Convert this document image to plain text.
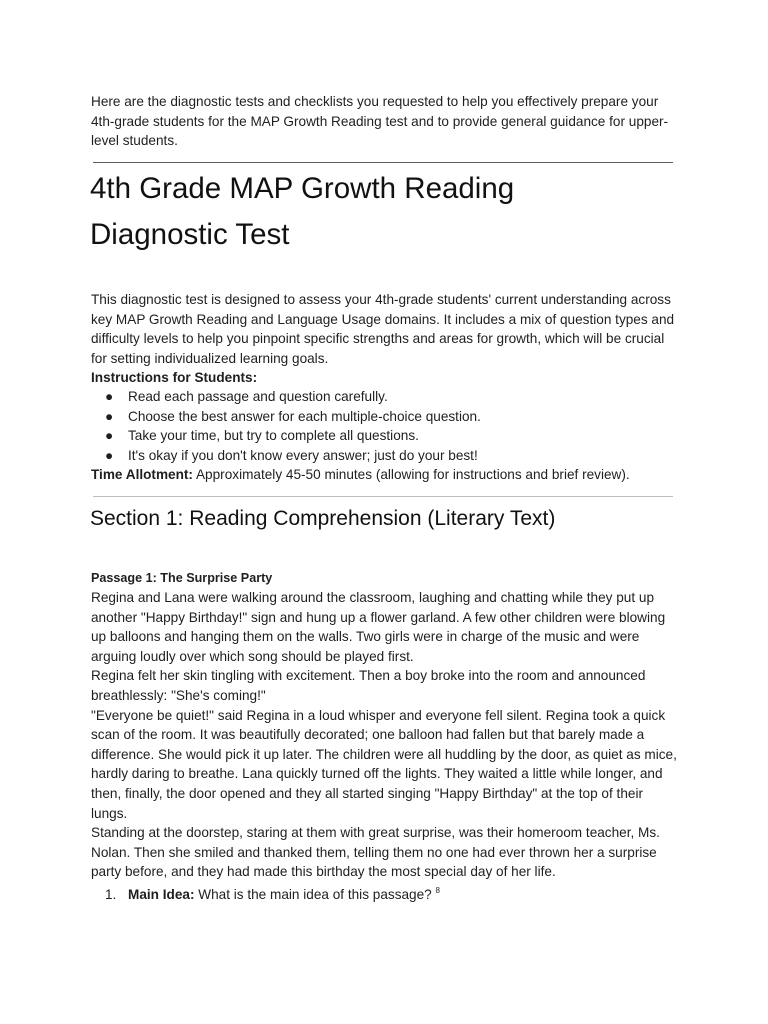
Here are the diagnostic tests and checklists you requested to help you effectively prepare your 4th-grade students for the MAP Growth Reading test and to provide general guidance for upper-level students.

4th Grade MAP Growth Reading
Diagnostic Test

This diagnostic test is designed to assess your 4th-grade students' current understanding across key MAP Growth Reading and Language Usage domains. It includes a mix of question types and difficulty levels to help you pinpoint specific strengths and areas for growth, which will be crucial for setting individualized learning goals.

Instructions for Students:

● Read each passage and question carefully.
● Choose the best answer for each multiple-choice question.
● Take your time, but try to complete all questions.
● It's okay if you don't know every answer; just do your best!

Time Allotment: Approximately 45-50 minutes (allowing for instructions and brief review).

Section 1: Reading Comprehension (Literary Text)

Passage 1: The Surprise Party

Regina and Lana were walking around the classroom, laughing and chatting while they put up another "Happy Birthday!" sign and hung up a flower garland. A few other children were blowing up balloons and hanging them on the walls. Two girls were in charge of the music and were arguing loudly over which song should be played first.

Regina felt her skin tingling with excitement. Then a boy broke into the room and announced breathlessly: "She's coming!"

"Everyone be quiet!" said Regina in a loud whisper and everyone fell silent. Regina took a quick scan of the room. It was beautifully decorated; one balloon had fallen but that barely made a difference. She would pick it up later. The children were all huddling by the door, as quiet as mice, hardly daring to breathe. Lana quickly turned off the lights. They waited a little while longer, and then, finally, the door opened and they all started singing "Happy Birthday" at the top of their lungs.

Standing at the doorstep, staring at them with great surprise, was their homeroom teacher, Ms. Nolan. Then she smiled and thanked them, telling them no one had ever thrown her a surprise party before, and they had made this birthday the most special day of her life.

1. Main Idea: What is the main idea of this passage? $^8$
